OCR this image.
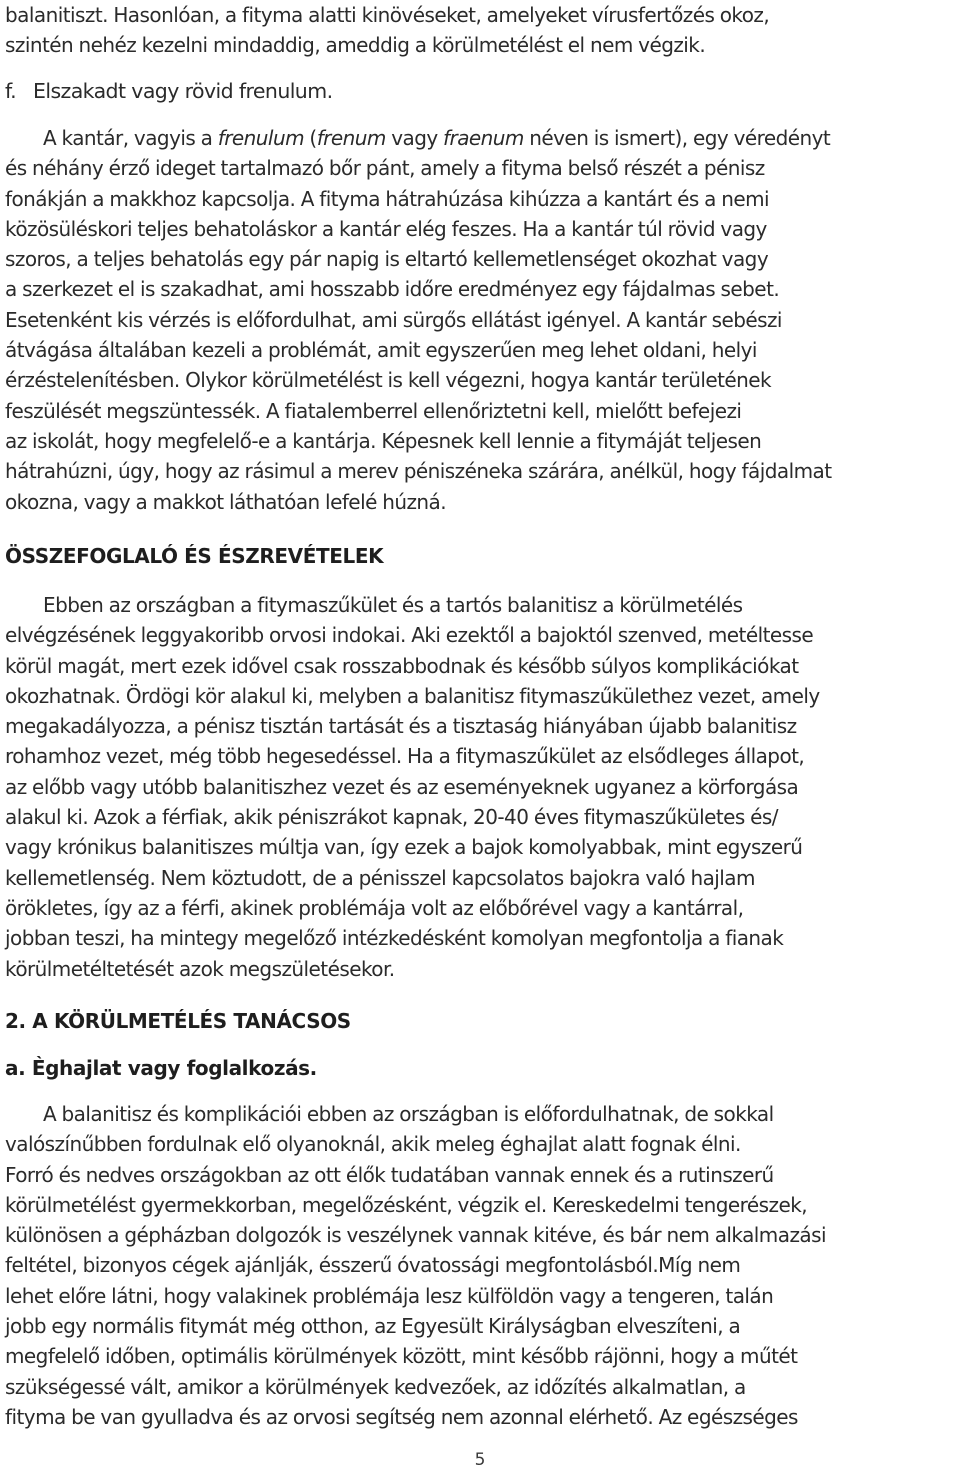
balanitiszt. Hasonlóan, a fityma alatti kinövéseket, amelyeket vírusfertőzés okoz,
szintén nehéz kezelni mindaddig, ameddig a körülmetélést el nem végzik.

f. Elszakadt vagy rövid frenulum.

A kantár, vagyis a frenulum (frenum vagy fraenum néven is ismert), egy véredényt
és néhány érző ideget tartalmazó bőr pánt, amely a fityma belső részét a pénisz
fonákján a makkhoz kapcsolja. A fityma hátrahúzása kihúzza a kantárt és a nemi
közösüléskori teljes behatoláskor a kantár elég feszes. Ha a kantár túl rövid vagy
szoros, a teljes behatolás egy pár napig is eltartó kellemetlenséget okozhat vagy
a szerkezet el is szakadhat, ami hosszabb időre eredményez egy fájdalmas sebet.
Esetenként kis vérzés is előfordulhat, ami sürgős ellátást igényel. A kantár sebészi
átvágása általában kezeli a problémát, amit egyszerűen meg lehet oldani, helyi
érzéstelenítésben. Olykor körülmetélést is kell végezni, hogya kantár területének
feszülését megszüntessék. A fiatalemberrel ellenőriztetni kell, mielőtt befejezi
az iskolát, hogy megfelelő-e a kantárja. Képesnek kell lennie a fitymáját teljesen
hátrahúzni, úgy, hogy az rásimul a merev péniszéneka szárára, anélkül, hogy fájdalmat
okozna, vagy a makkot láthatóan lefelé húzná.

ÖSSZEFOGLALÓ ÉS ÉSZREVÉTELEK

Ebben az országban a fitymaszűkület és a tartós balanitisz a körülmetélés
elvégzésének leggyakoribb orvosi indokai. Aki ezektől a bajoktól szenved, metéltesse
körül magát, mert ezek idővel csak rosszabbodnak és később súlyos komplikációkat
okozhatnak. Ördögi kör alakul ki, melyben a balanitisz fitymaszűkülethez vezet, amely
megakadályozza, a pénisz tisztán tartását és a tisztaság hiányában újabb balanitisz
rohamhoz vezet, még több hegesedéssel. Ha a fitymaszűkület az elsődleges állapot,
az előbb vagy utóbb balanitiszhez vezet és az eseményeknek ugyanez a körforgása
alakul ki. Azok a férfiak, akik péniszrákot kapnak, 20-40 éves fitymaszűkületes és/
vagy krónikus balanitiszes múltja van, így ezek a bajok komolyabbak, mint egyszerű
kellemetlenség. Nem köztudott, de a pénisszel kapcsolatos bajokra való hajlam
örökletes, így az a férfi, akinek problémája volt az előbőrével vagy a kantárral,
jobban teszi, ha mintegy megelőző intézkedésként komolyan megfontolja a fianak
körülmetéltetését azok megszületésekor.

2. A KÖRÜLMETÉLÉS TANÁCSOS
a. Ѐghajlat vagy foglalkozás.

A balanitisz és komplikációi ebben az országban is előfordulhatnak, de sokkal
valószínűbben fordulnak elő olyanoknál, akik meleg éghajlat alatt fognak élni.
Forró és nedves országokban az ott élők tudatában vannak ennek és a rutinszerű
körülmetélést gyermekkorban, megelőzésként, végzik el. Kereskedelmi tengerészek,
különösen a gépházban dolgozók is veszélynek vannak kitéve, és bár nem alkalmazási
feltétel, bizonyos cégek ajánlják, ésszerű óvatossági megfontolásból.Míg nem
lehet előre látni, hogy valakinek problémája lesz külföldön vagy a tengeren, talán
jobb egy normális fitymát még otthon, az Egyesült Királyságban elveszíteni, a
megfelelő időben, optimális körülmények között, mint később rájönni, hogy a műtét
szükségessé vált, amikor a körülmények kedvezőek, az időzítés alkalmatlan, a
fityma be van gyulladva és az orvosi segítség nem azonnal elérhető. Az egészséges

5
